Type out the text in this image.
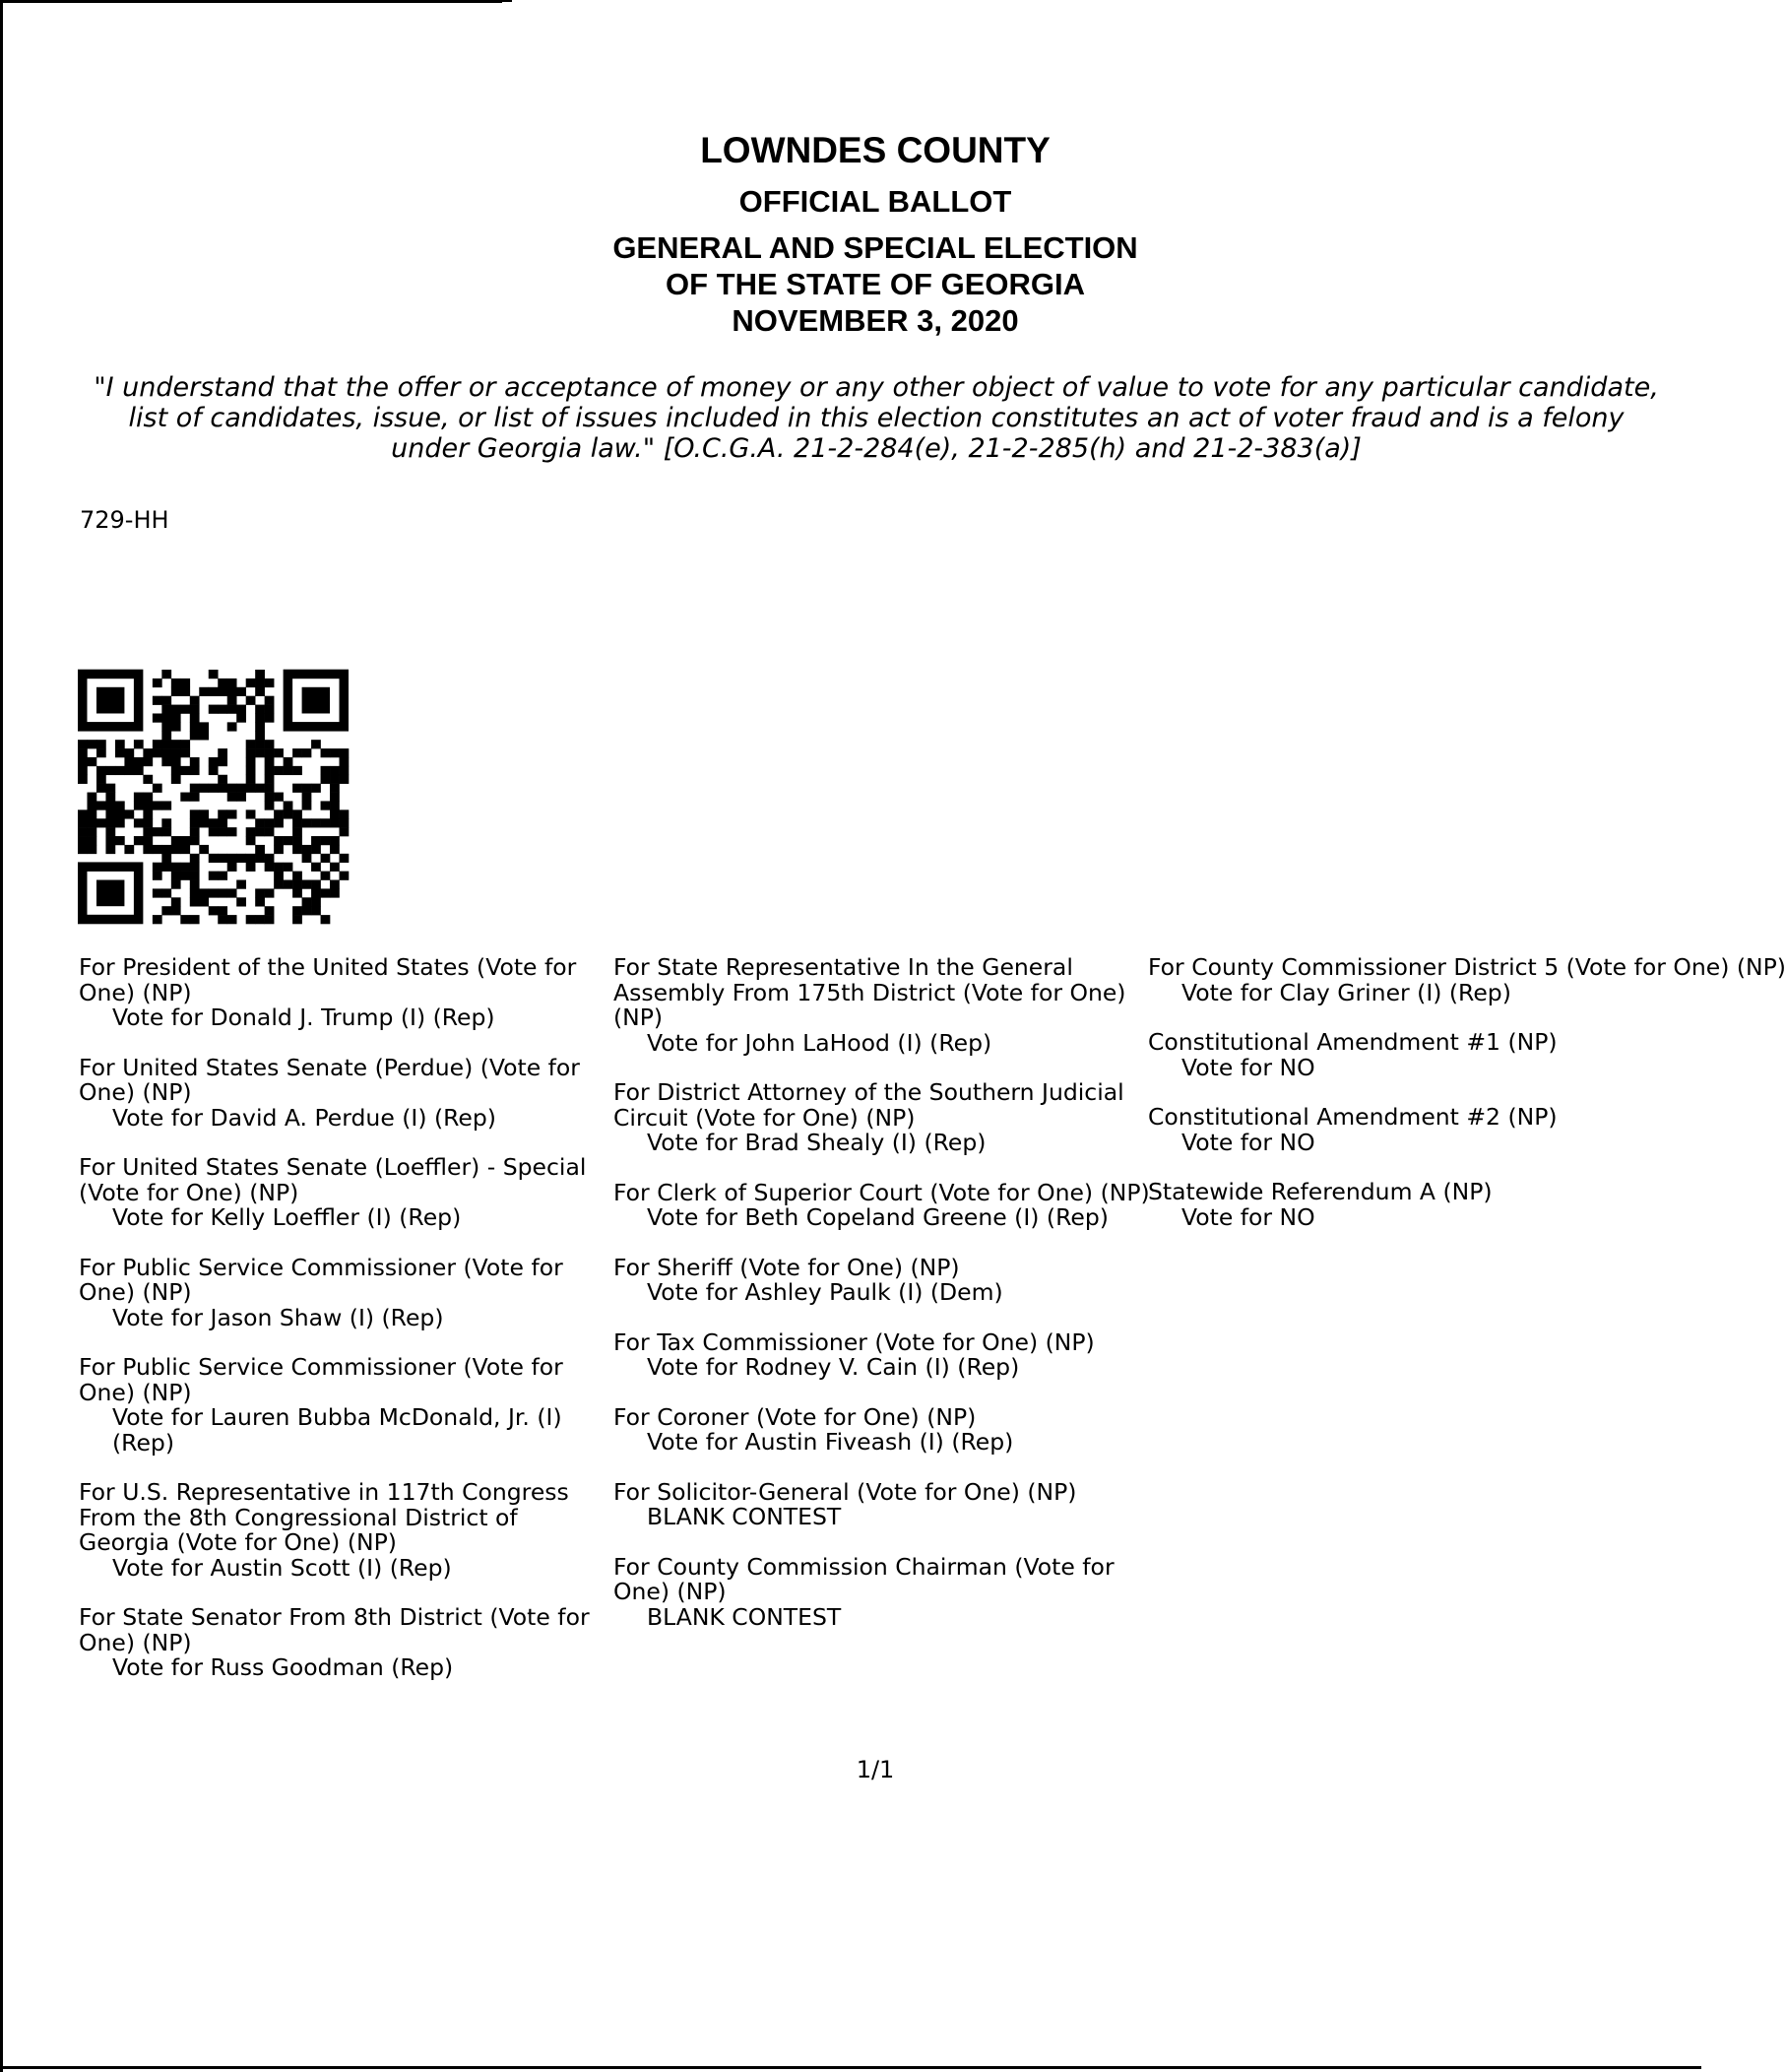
LOWNDES COUNTY
OFFICIAL BALLOT
GENERAL AND SPECIAL ELECTION
OF THE STATE OF GEORGIA
NOVEMBER 3, 2020
"I understand that the offer or acceptance of money or any other object of value to vote for any particular candidate,
list of candidates, issue, or list of issues included in this election constitutes an act of voter fraud and is a felony
under Georgia law." [O.C.G.A. 21-2-284(e), 21-2-285(h) and 21-2-383(a)]
729-HH
For President of the United States (Vote for One) (NP)
Vote for Donald J. Trump (I) (Rep)
For United States Senate (Perdue) (Vote for One) (NP)
Vote for David A. Perdue (I) (Rep)
For United States Senate (Loeffler) - Special (Vote for One) (NP)
Vote for Kelly Loeffler (I) (Rep)
For Public Service Commissioner (Vote for One) (NP)
Vote for Jason Shaw (I) (Rep)
For Public Service Commissioner (Vote for One) (NP)
Vote for Lauren Bubba McDonald, Jr. (I) (Rep)
For U.S. Representative in 117th Congress From the 8th Congressional District of Georgia (Vote for One) (NP)
Vote for Austin Scott (I) (Rep)
For State Senator From 8th District (Vote for One) (NP)
Vote for Russ Goodman (Rep)
For State Representative In the General Assembly From 175th District (Vote for One) (NP)
Vote for John LaHood (I) (Rep)
For District Attorney of the Southern Judicial Circuit (Vote for One) (NP)
Vote for Brad Shealy (I) (Rep)
For Clerk of Superior Court (Vote for One) (NP)
Vote for Beth Copeland Greene (I) (Rep)
For Sheriff (Vote for One) (NP)
Vote for Ashley Paulk (I) (Dem)
For Tax Commissioner (Vote for One) (NP)
Vote for Rodney V. Cain (I) (Rep)
For Coroner (Vote for One) (NP)
Vote for Austin Fiveash (I) (Rep)
For Solicitor-General (Vote for One) (NP)
BLANK CONTEST
For County Commission Chairman (Vote for One) (NP)
BLANK CONTEST
For County Commissioner District 5 (Vote for One) (NP)
Vote for Clay Griner (I) (Rep)
Constitutional Amendment #1 (NP)
Vote for NO
Constitutional Amendment #2 (NP)
Vote for NO
Statewide Referendum A (NP)
Vote for NO
1/1
